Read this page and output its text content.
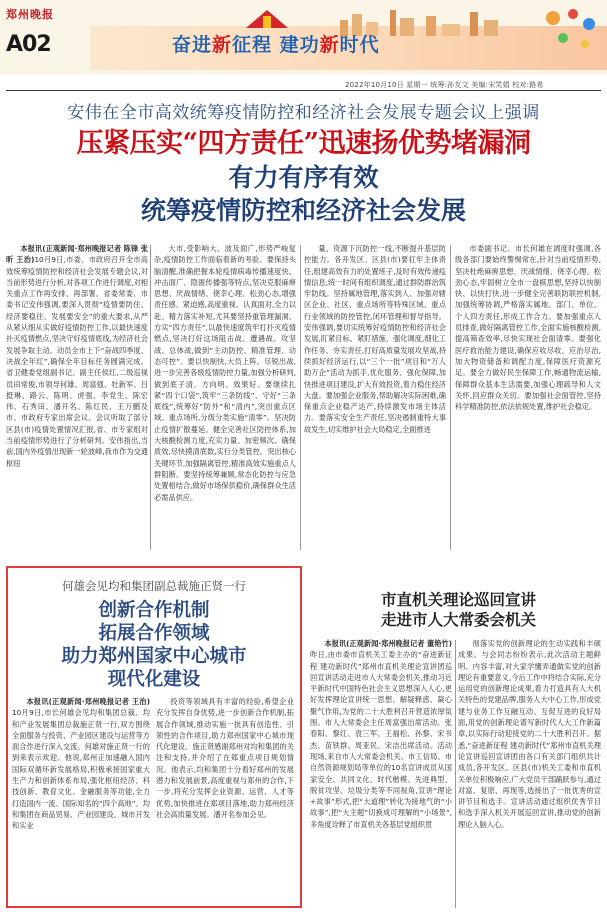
郑州晚报
A02	奋进新征程 建功新时代
2022年10月10日 星期一 统筹:孙友文 美编:宋笑娟 校对:路希
安伟在全市高效统筹疫情防控和经济社会发展专题会议上强调
压紧压实“四方责任”迅速扬优势堵漏洞
有力有序有效
统筹疫情防控和经济社会发展

本报讯(正观新闻·郑州晚报记者 陈锋 张昕 王治)10月9日,市委、市政府召开全市高效统筹疫情防控和经济社会发展专题会议,对当前形势进行分析,对各项工作进行调度,对相关重点工作再安排、再部署。省委常委、市委书记安伟强调,要深入贯彻“疫情要防住、经济要稳住、发展要安全”的重大要求,从严从紧从细从实做好疫情防控工作,以最快速度扑灭疫情燃点,坚决守好疫情底线,为经济社会发展争取主动。动员全市上下“奋战四季度、决战全年红”,确保全年目标任务圆满完成。省卫健委党组副书记、副主任侯红,二级巡视员田常俊,市领导何雄、周富强、牡新军、吕挺琳、路云、陈明、虎强、李党生、陈宏伟、石秀田、潘开名、陈红民、王万鹏及市、市政府专家出席会议。会议听取了部分区县(市)疫情处置情况汇报,省、市专家组对当前疫情形势进行了分析研判。安伟指出,当前,国内外疫情出现新一轮波峰,我市作为交通枢纽

大市,受影响大、波及面广,形势严峻复杂,疫情防控工作面临着新的考验。要保持头脑清醒,准确把握本轮疫情病毒传播速度快、冲击面广、隐匿传播强等特点,坚决克服麻痹思想、厌战情绪、侥幸心理、松劲心态,增强责任感、紧迫感,高度重视、认真面对,全力以赴、精力落实补短,尤其要坚持重管理漏洞、方实“四方责任”,以最快速度筑牢打扑灭疫情燃点,坚决打好这场阻击战、遭遇战、攻坚战、总体战,做到“主动防控、精准管理、动态可控”。要以快制快,大员上阵、尽锐出战,进一步完善各级疫情防控力量,加强分析研判,做到底子清、方向明、效果好。要继续扎紧“四个口袋”,筑牢“三条防线”、守好“三条底线”,统筹好“防外”和“清内”,突出重点区域、重点场所,分级分类实施“清零”。坚决防止疫情扩散蔓延。健全完善社区防控体系,加大核酸检测力度,充实力量、加密频次、确保质效,尽快摸清底数,实行分类管控。突出核心关键环节,加强隔离管控,精准高效实施重点人群阻断。要坚持统筹兼顾,常态化防控与应急处置相结合,做好市场保供稳价,确保群众生活必需品供应。

量、资源下沉防控一线,不断提升基层防控能力。各开发区、区县(市)要扛牢主体责任,组建高效有力的处置班子,及时有效传递疫情信息,统一时间有组织调度,通过群防群治筑牢防线。坚持属地管理,落实到人、加强对辖区企业、社区、重点场所等特殊区域、重点行业领域的防控管控,闭环管理和督导指导。安伟强调,要切实统筹好疫情防控和经济社会发展,盯紧目标、紧盯措施、强化调度,细化工作任务、夯实责任,打好高质量发展攻坚战,持续抓好经济运行,以“三个一批”项目和“万人助万企”活动为抓手,优化服务、强化保障,加快推进项目建设,扩大有效投资,着力稳住经济大盘。要加强企业服务,帮助解决实际困难,确保重点企业稳产达产,持续激发市场主体活力。要落实安全生产责任,坚决遏制重特大事故发生,切实维护社会大局稳定,全面推进

市委副书记、市长何雄在调度时强调,各级各部门要始终警惕常在,针对当前疫情形势,坚决杜绝麻痹思想、厌战情绪、侥幸心理、松劲心态,牢固树立全市一盘棋思想,坚持以快制快、以快打快,进一步健全完善联防联控机制,加强统筹协调,严格落实属地、部门、单位、个人四方责任,形成工作合力。要加强重点人员排查,做好隔离管控工作,全面实施核酸检测,提高筛查效率,尽快实现社会面清零。要强化医疗救治能力建设,确保应收尽收、应治尽治,加大物资储备和调配力度,保障医疗资源充足。要全力做好民生保障工作,畅通物流运输,保障群众基本生活需要,加强心理疏导和人文关怀,回应群众关切。要加强社会面管控,坚持科学精准防控,依法依规处置,维护社会稳定。

何雄会见均和集团副总裁施正贤一行
创新合作机制
拓展合作领域
助力郑州国家中心城市
现代化建设

本报讯(正观新闻·郑州晚报记者 王治)10月9日,市长何雄会见均和集团总裁、均和产业发展集团总裁施正贤一行,双方围绕全面服务与投资、产业园区建设与运营等方面合作进行深入交流。何雄对施正贤一行的到来表示欢迎。他说,郑州正加速融入国内国际双循环新发展格局,积极承接国家重大生产力和创新体系布局,强化枢纽经济、科技创新、教育文化、金融服务等功能,全力打造国内一流、国际知名的“四个高地”。均和集团在商品贸易、产业园建设、城市开发和实业

投资等领域具有丰富的经验,希望企业充分发挥自身优势,进一步创新合作机制,拓展合作领域,推动实施一批具有创造性、引领性的合作项目,助力郑州国家中心城市现代化建设。施正贤感谢郑州对均和集团的关注和支持,并介绍了在郑重点项目规划情况。他表示,均和集团十分看好郑州的发展潜力和发展前景,高度重视与郑州的合作,下一步,将充分发挥企业资源、运营、人才等优势,加快推进在郑项目落地,助力郑州经济社会高质量发展。潘开名参加会见。

市直机关理论巡回宣讲
走进市人大常委会机关

本报讯(正观新闻·郑州晚报记者 董艳竹)昨日,由市委市直机关工委主办的“奋进新征程 建功新时代”郑州市直机关理论宣讲团巡回宣讲活动走进市人大常委会机关,推动习近平新时代中国特色社会主义思想深入人心,更好发挥理论宣讲统一思想、解疑释惑、凝心聚气作用,为党的二十大胜利召开营造浓厚氛围。市人大常委会主任周富强出席活动。张春阳、黎红、袁三军、王福松、孙黎、宋书杰、苗铁群、周亚民、宋洁出席活动。活动现场,来自市人大常委会机关、市工信局、市自然资源规划局等单位的10名宣讲成员从国家安全、共同文化、时代楷模、先进典型、脱贫攻坚、垃圾分类等不同视角,宣讲“理论+故事”形式,把“大道理”转化为接地气的“小故事”,把“大主题”切换成可理解的“小场景”,多角度诠释了市直机关各基层党组织贯

彻落实党的创新理论的生动实践和丰硕成果。与会同志纷纷表示,此次活动主题鲜明、内容丰富,对大家学懂弄通做实党的创新理论有重要意义,今后工作中将结合实际,充分运用党的创新理论成果,着力打造具有人大机关特色的党建品牌,服务人大中心工作,形成党建与业务工作互融互动、互促互进的良好局面,用党的创新理论谱写新时代人大工作新篇章,以实际行动迎接党的二十大胜利召开。据悉,“奋进新征程 建功新时代”郑州市直机关理论宣讲巡回宣讲团由各口有关部门组织共计成员,各开发区、区县(市)机关工委和市直机关单位积极响应,广大党员干部踊跃参与,通过对富、复原、再现等,选接出了一批优秀的宣讲节目和选手。宣讲活动通过组织优秀节目和选手深入机关开展巡回宣讲,推动党的创新理论入脑入心。
